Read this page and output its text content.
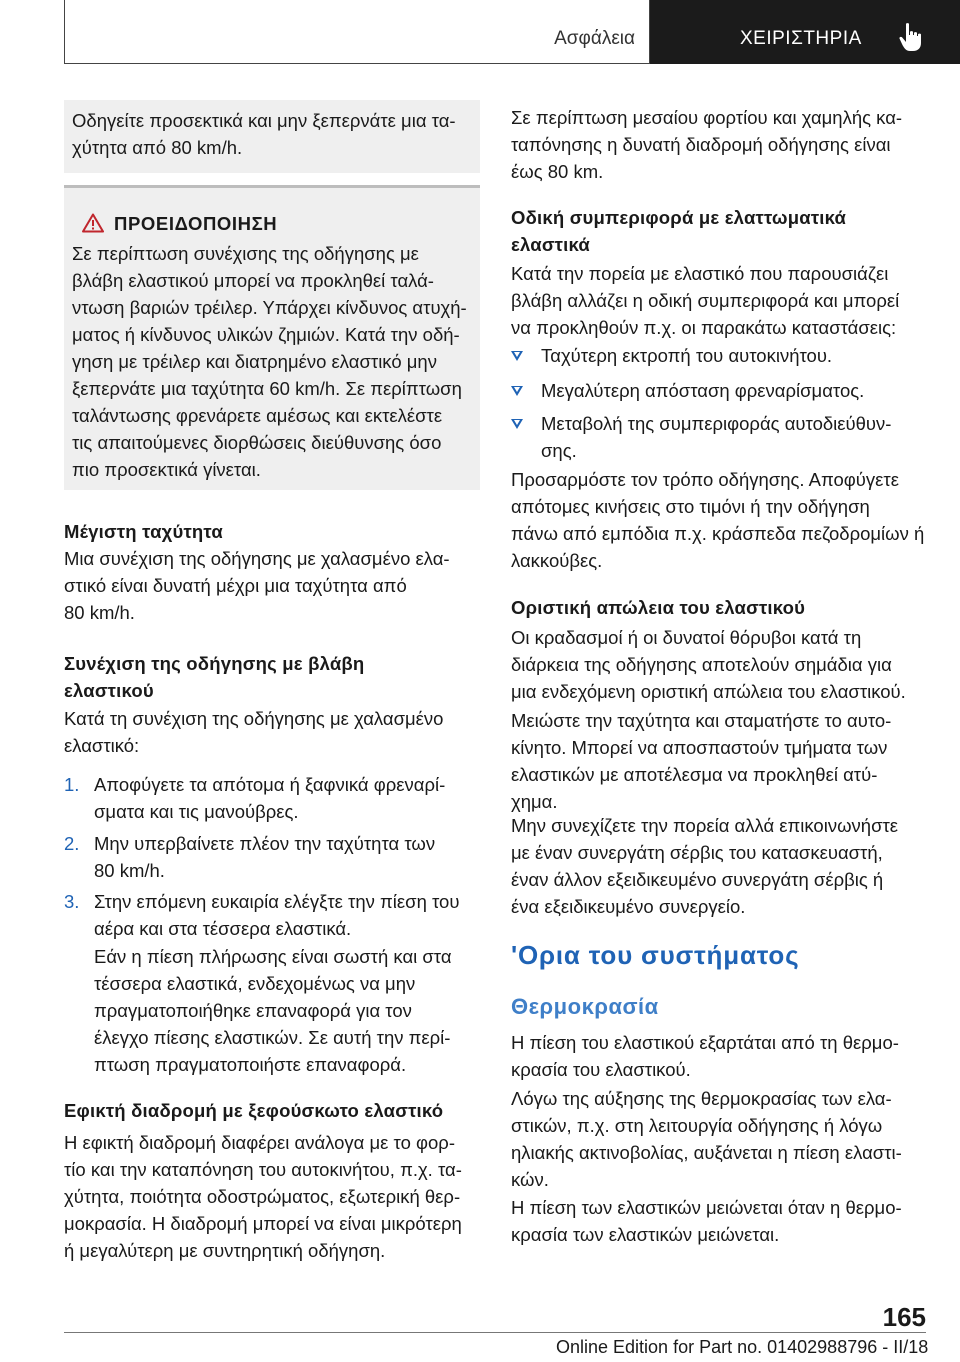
Ασφάλεια	ΧΕΙΡΙΣΤΗΡΙΑ
Οδηγείτε προσεκτικά και μην ξεπερνάτε μια τα‐
χύτητα από 80 km/h.
ΠΡΟΕΙΔΟΠΟΙΗΣΗ
Σε περίπτωση συνέχισης της οδήγησης με
βλάβη ελαστικού μπορεί να προκληθεί ταλά‐
ντωση βαριών τρέιλερ. Υπάρχει κίνδυνος ατυχή‐
ματος ή κίνδυνος υλικών ζημιών. Κατά την οδή‐
γηση με τρέιλερ και διατρημένο ελαστικό μην
ξεπερνάτε μια ταχύτητα 60 km/h. Σε περίπτωση
ταλάντωσης φρενάρετε αμέσως και εκτελέστε
τις απαιτούμενες διορθώσεις διεύθυνσης όσο
πιο προσεκτικά γίνεται.
Μέγιστη ταχύτητα
Μια συνέχιση της οδήγησης με χαλασμένο ελα‐
στικό είναι δυνατή μέχρι μια ταχύτητα από
80 km/h.
Συνέχιση της οδήγησης με βλάβη
ελαστικού
Κατά τη συνέχιση της οδήγησης με χαλασμένο
ελαστικό:
1. Αποφύγετε τα απότομα ή ξαφνικά φρεναρί‐
σματα και τις μανούβρες.
2. Μην υπερβαίνετε πλέον την ταχύτητα των
80 km/h.
3. Στην επόμενη ευκαιρία ελέγξτε την πίεση του
αέρα και στα τέσσερα ελαστικά.
Εάν η πίεση πλήρωσης είναι σωστή και στα
τέσσερα ελαστικά, ενδεχομένως να μην
πραγματοποιήθηκε επαναφορά για τον
έλεγχο πίεσης ελαστικών. Σε αυτή την περί‐
πτωση πραγματοποιήστε επαναφορά.
Εφικτή διαδρομή με ξεφούσκωτο ελαστικό
Η εφικτή διαδρομή διαφέρει ανάλογα με το φορ‐
τίο και την καταπόνηση του αυτοκινήτου, π.χ. τα‐
χύτητα, ποιότητα οδοστρώματος, εξωτερική θερ‐
μοκρασία. Η διαδρομή μπορεί να είναι μικρότερη
ή μεγαλύτερη με συντηρητική οδήγηση.
Σε περίπτωση μεσαίου φορτίου και χαμηλής κα‐
ταπόνησης η δυνατή διαδρομή οδήγησης είναι
έως 80 km.
Οδική συμπεριφορά με ελαττωματικά
ελαστικά
Κατά την πορεία με ελαστικό που παρουσιάζει
βλάβη αλλάζει η οδική συμπεριφορά και μπορεί
να προκληθούν π.χ. οι παρακάτω καταστάσεις:
Ταχύτερη εκτροπή του αυτοκινήτου.
Μεγαλύτερη απόσταση φρεναρίσματος.
Μεταβολή της συμπεριφοράς αυτοδιεύθυν‐
σης.
Προσαρμόστε τον τρόπο οδήγησης. Αποφύγετε
απότομες κινήσεις στο τιμόνι ή την οδήγηση
πάνω από εμπόδια π.χ. κράσπεδα πεζοδρομίων ή
λακκούβες.
Οριστική απώλεια του ελαστικού
Οι κραδασμοί ή οι δυνατοί θόρυβοι κατά τη
διάρκεια της οδήγησης αποτελούν σημάδια για
μια ενδεχόμενη οριστική απώλεια του ελαστικού.
Μειώστε την ταχύτητα και σταματήστε το αυτο‐
κίνητο. Μπορεί να αποσπαστούν τμήματα των
ελαστικών με αποτέλεσμα να προκληθεί ατύ‐
χημα.
Μην συνεχίζετε την πορεία αλλά επικοινωνήστε
με έναν συνεργάτη σέρβις του κατασκευαστή,
έναν άλλον εξειδικευμένο συνεργάτη σέρβις ή
ένα εξειδικευμένο συνεργείο.
'Ορια του συστήματος
Θερμοκρασία
Η πίεση του ελαστικού εξαρτάται από τη θερμο‐
κρασία του ελαστικού.
Λόγω της αύξησης της θερμοκρασίας των ελα‐
στικών, π.χ. στη λειτουργία οδήγησης ή λόγω
ηλιακής ακτινοβολίας, αυξάνεται η πίεση ελαστι‐
κών.
Η πίεση των ελαστικών μειώνεται όταν η θερμο‐
κρασία των ελαστικών μειώνεται.
165
Online Edition for Part no. 01402988796 - II/18
